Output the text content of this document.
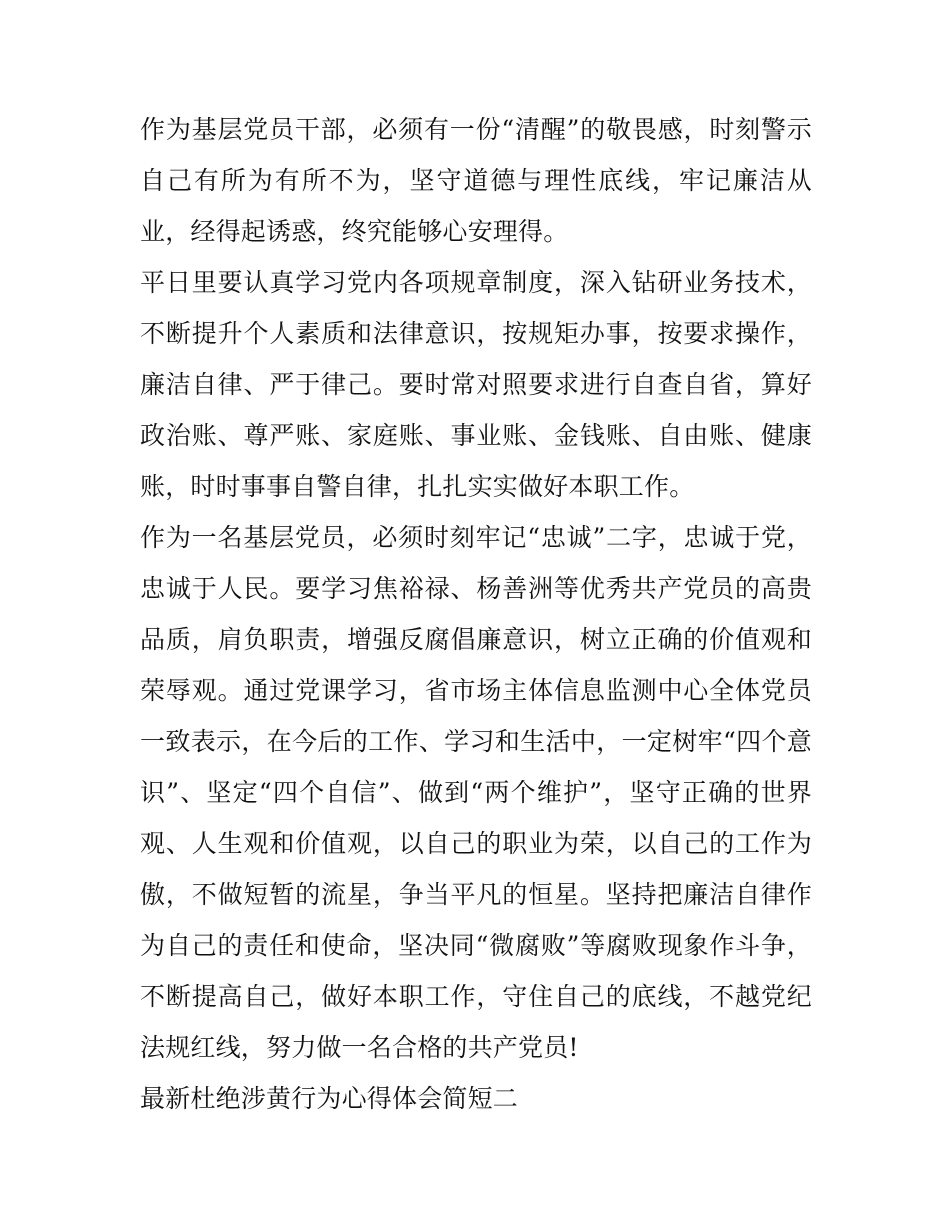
作为基层党员干部，必须有一份“清醒”的敬畏感，时刻警示自己有所为有所不为，坚守道德与理性底线，牢记廉洁从业，经得起诱惑，终究能够心安理得。

平日里要认真学习党内各项规章制度，深入钻研业务技术，不断提升个人素质和法律意识，按规矩办事，按要求操作，廉洁自律、严于律己。要时常对照要求进行自查自省，算好政治账、尊严账、家庭账、事业账、金钱账、自由账、健康账，时时事事自警自律，扎扎实实做好本职工作。

作为一名基层党员，必须时刻牢记“忠诚”二字，忠诚于党，忠诚于人民。要学习焦裕禄、杨善洲等优秀共产党员的高贵品质，肩负职责，增强反腐倡廉意识，树立正确的价值观和荣辱观。通过党课学习，省市场主体信息监测中心全体党员一致表示，在今后的工作、学习和生活中，一定树牢“四个意识”、坚定“四个自信”、做到“两个维护”，坚守正确的世界观、人生观和价值观，以自己的职业为荣，以自己的工作为傲，不做短暂的流星，争当平凡的恒星。坚持把廉洁自律作为自己的责任和使命，坚决同“微腐败”等腐败现象作斗争，不断提高自己，做好本职工作，守住自己的底线，不越党纪法规红线，努力做一名合格的共产党员!

最新杜绝涉黄行为心得体会简短二
